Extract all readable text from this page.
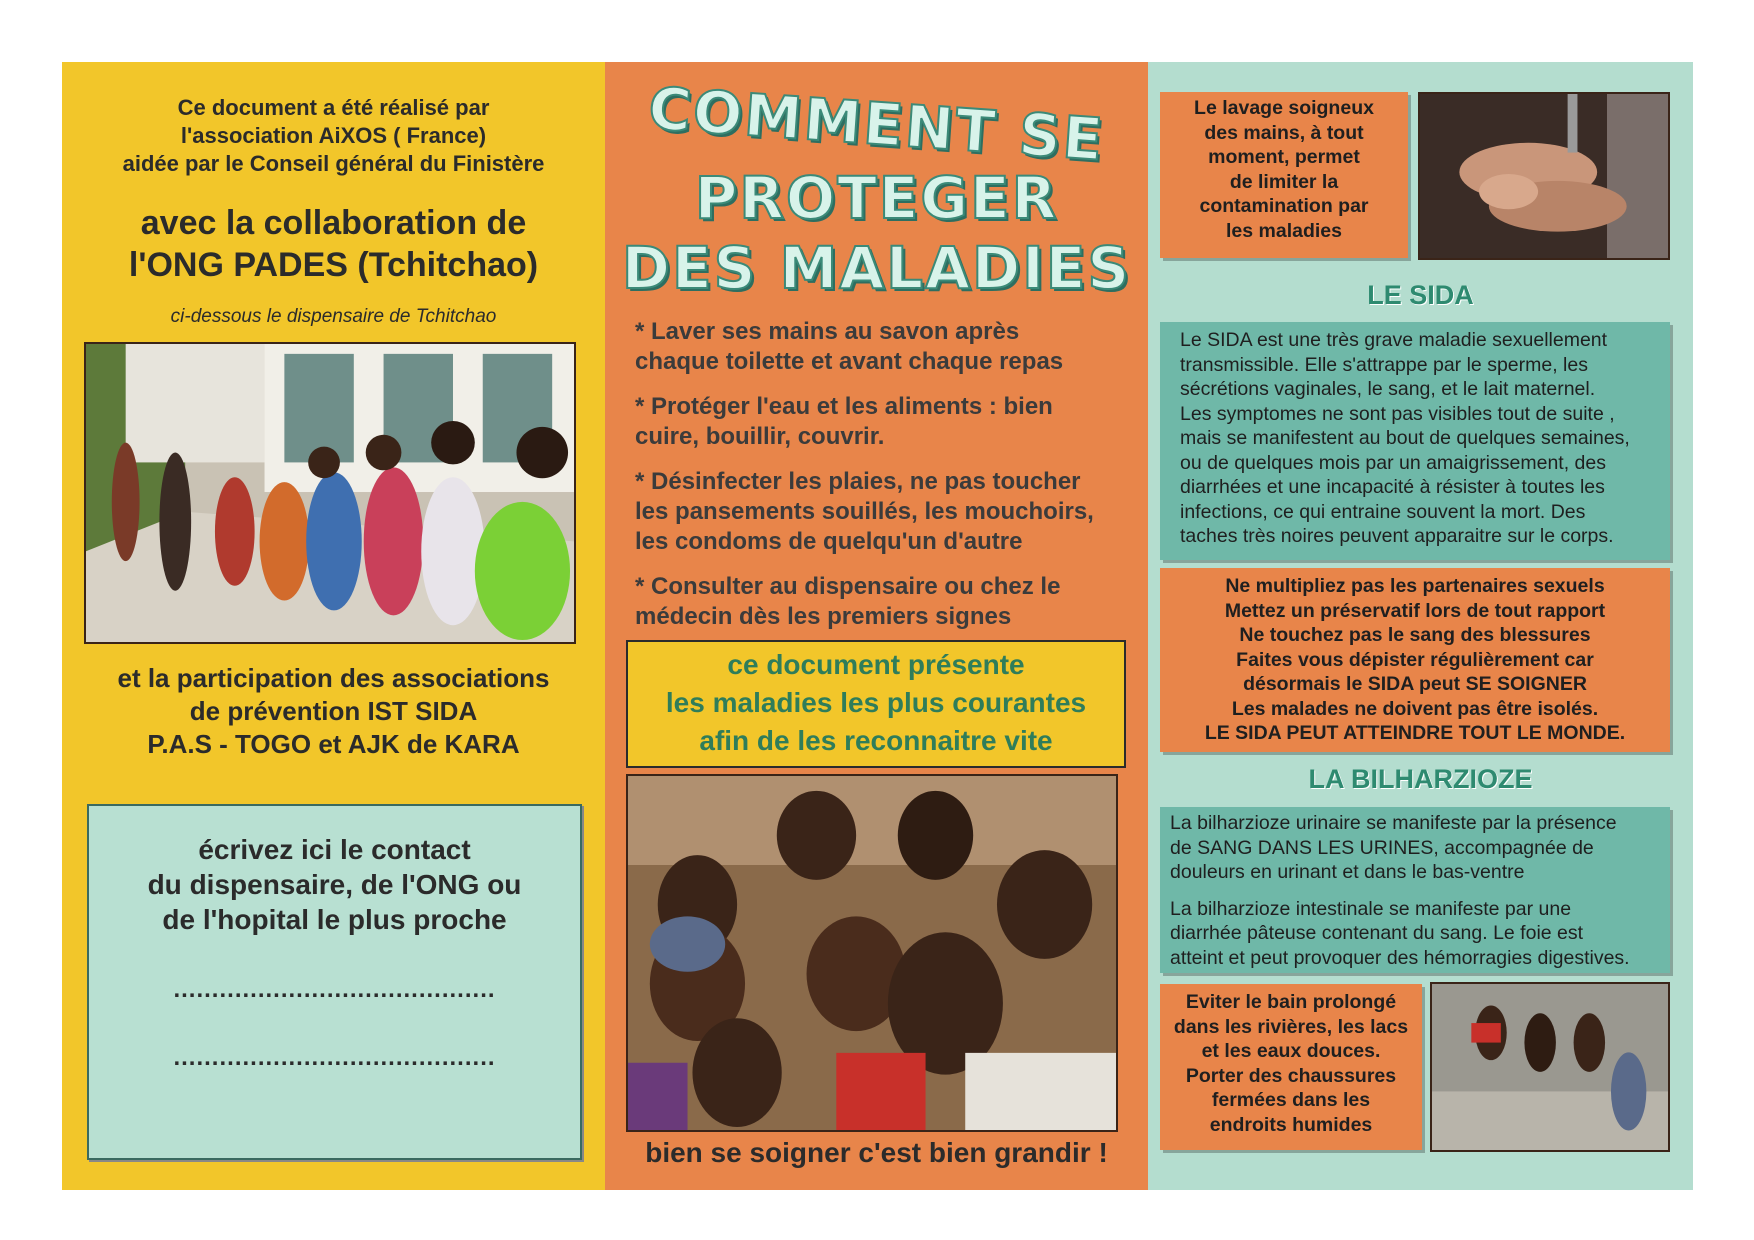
Ce document a été réalisé par
l'association AiXOS ( France)
aidée par le Conseil général du Finistère
avec la collaboration de
l'ONG PADES (Tchitchao)
ci-dessous le dispensaire de Tchitchao
et la participation des associations
de prévention IST SIDA
P.A.S - TOGO et AJK de KARA
écrivez ici le contact
du dispensaire, de l'ONG ou
de l'hopital le plus proche
..........................................
..........................................
COMMENT SE
PROTEGER
DES MALADIES

* Laver ses mains au savon après
chaque toilette et avant chaque repas

* Protéger l'eau et les aliments : bien
cuire, bouillir, couvrir.

* Désinfecter les plaies, ne pas toucher
les pansements souillés, les mouchoirs,
les condoms de quelqu'un d'autre

* Consulter au dispensaire ou chez le
médecin dès les premiers signes

ce document présente
les maladies les plus courantes
afin de les reconnaitre vite
bien se soigner c'est bien grandir !
Le lavage soigneux
des mains, à tout
moment, permet
de limiter la
contamination par
les maladies
LE SIDA
Le SIDA est une très grave maladie sexuellement
transmissible. Elle s'attrappe par le sperme, les
sécrétions vaginales, le sang, et le lait maternel.
Les symptomes ne sont pas visibles tout de suite ,
mais se manifestent au bout de quelques semaines,
ou de quelques mois par un amaigrissement, des
diarrhées et une incapacité à résister à toutes les
infections, ce qui entraine souvent la mort. Des
taches très noires peuvent apparaitre sur le corps.
Ne multipliez pas les partenaires sexuels
Mettez un préservatif lors de tout rapport
Ne touchez pas le sang des blessures
Faites vous dépister régulièrement car
désormais le SIDA peut SE SOIGNER
Les malades ne doivent pas être isolés.
LE SIDA PEUT ATTEINDRE TOUT LE MONDE.
LA BILHARZIOZE
La bilharzioze urinaire se manifeste par la présence
de SANG DANS LES URINES, accompagnée de
douleurs en urinant et dans le bas-ventre
La bilharzioze intestinale se manifeste par une
diarrhée pâteuse contenant du sang. Le foie est
atteint et peut provoquer des hémorragies digestives.
Eviter le bain prolongé
dans les rivières, les lacs
et les eaux douces.
Porter des chaussures
fermées dans les
endroits humides
